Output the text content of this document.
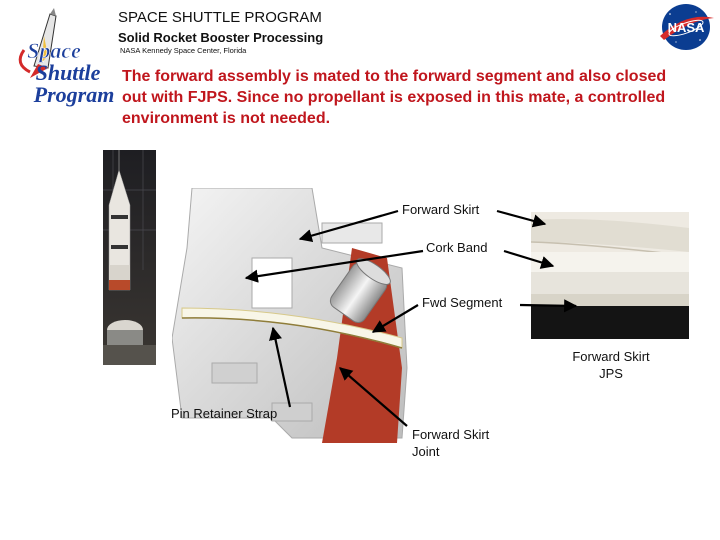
Space
Shuttle
Program
SPACE SHUTTLE PROGRAM
Solid Rocket Booster Processing
NASA Kennedy Space Center, Florida
NASA
The forward assembly is mated to the forward segment and also closed out with FJPS. Since no propellant is exposed in this mate, a controlled environment is not needed.
Forward Skirt
Cork Band
Fwd Segment
Forward Skirt
JPS
Pin Retainer Strap
Forward Skirt
Joint
